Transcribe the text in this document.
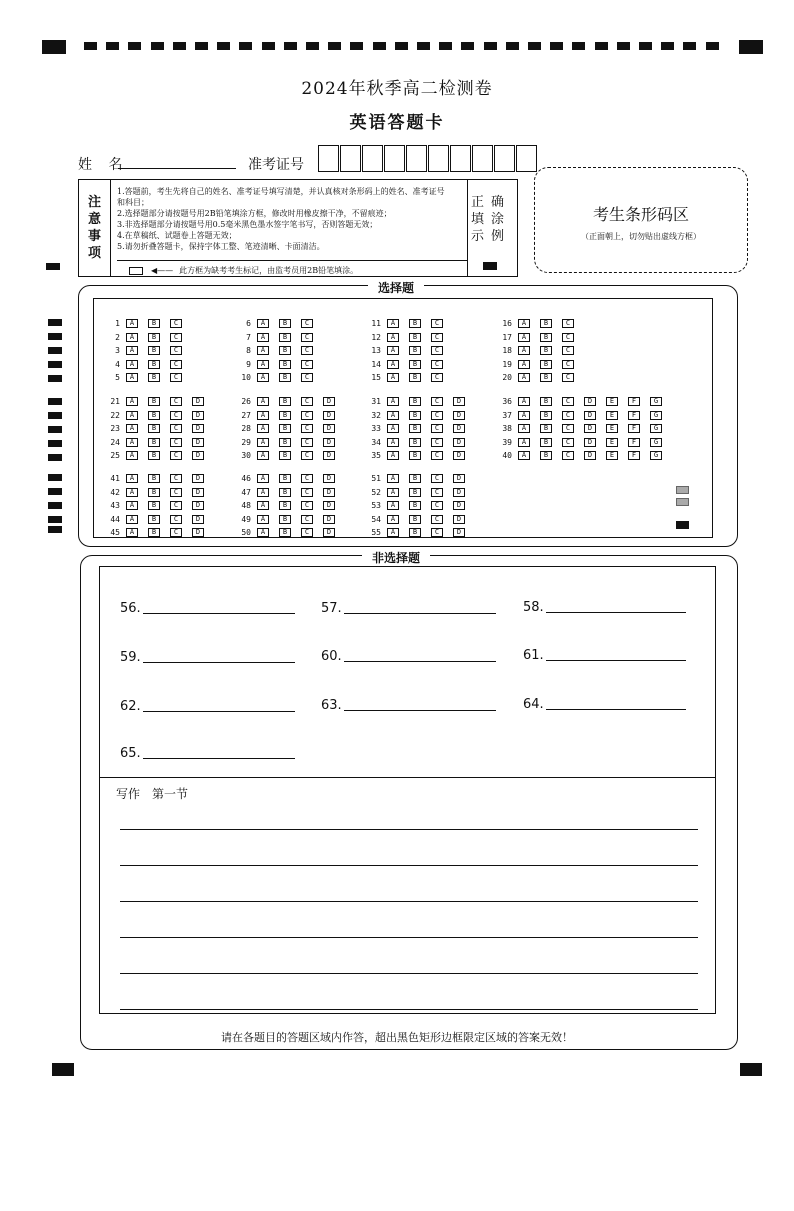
2024年秋季高二检测卷
英语答题卡
姓 名	准考证号
注
意
事
项
1.答题前，考生先将自己的姓名、准考证号填写清楚，并认真核对条形码上的姓名、准考证号和科目；
2.选择题部分请按题号用2B铅笔填涂方框，修改时用橡皮擦干净，不留痕迹；
3.非选择题部分请按题号用0.5毫米黑色墨水签字笔书写，否则答题无效；
4.在草稿纸、试题卷上答题无效；
5.请勿折叠答题卡，保持字体工整、笔迹清晰、卡面清洁。
◀—— 此方框为缺考考生标记，由监考员用2B铅笔填涂。
正
填
示
确
涂
例
考生条形码区
（正面朝上，切勿贴出虚线方框）
选择题
1	A	B	C
2	A	B	C
3	A	B	C
4	A	B	C
5	A	B	C
6	A	B	C
7	A	B	C
8	A	B	C
9	A	B	C
10	A	B	C
11	A	B	C
12	A	B	C
13	A	B	C
14	A	B	C
15	A	B	C
16	A	B	C
17	A	B	C
18	A	B	C
19	A	B	C
20	A	B	C
21	A	B	C	D
22	A	B	C	D
23	A	B	C	D
24	A	B	C	D
25	A	B	C	D
26	A	B	C	D
27	A	B	C	D
28	A	B	C	D
29	A	B	C	D
30	A	B	C	D
31	A	B	C	D
32	A	B	C	D
33	A	B	C	D
34	A	B	C	D
35	A	B	C	D
36	A	B	C	D	E	F	G
37	A	B	C	D	E	F	G
38	A	B	C	D	E	F	G
39	A	B	C	D	E	F	G
40	A	B	C	D	E	F	G
41	A	B	C	D
42	A	B	C	D
43	A	B	C	D
44	A	B	C	D
45	A	B	C	D
46	A	B	C	D
47	A	B	C	D
48	A	B	C	D
49	A	B	C	D
50	A	B	C	D
51	A	B	C	D
52	A	B	C	D
53	A	B	C	D
54	A	B	C	D
55	A	B	C	D
非选择题
56.	57.	58.
59.	60.	61.
62.	63.	64.
65.
写作　第一节
请在各题目的答题区域内作答，超出黑色矩形边框限定区域的答案无效！
